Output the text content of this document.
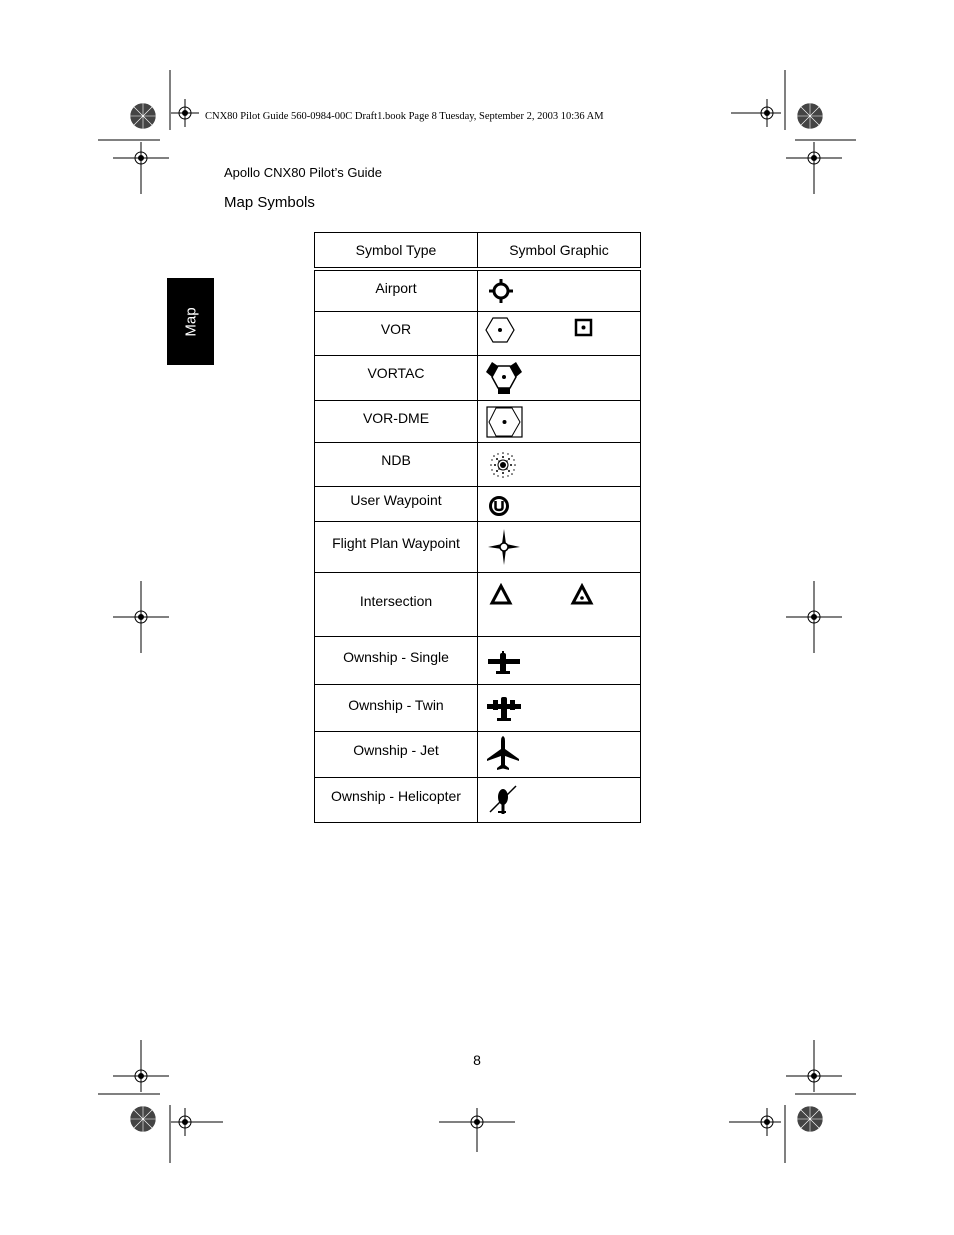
CNX80 Pilot Guide 560-0984-00C Draft1.book Page 8 Tuesday, September 2, 2003 10:36 AM
Apollo CNX80 Pilot’s Guide
Map Symbols
Map
Symbol Type	Symbol Graphic

Airport

VOR

VORTAC

VOR-DME

NDB

User Waypoint

Flight Plan Waypoint

Intersection

Ownship - Single

Ownship - Twin

Ownship - Jet

Ownship - Helicopter

8
